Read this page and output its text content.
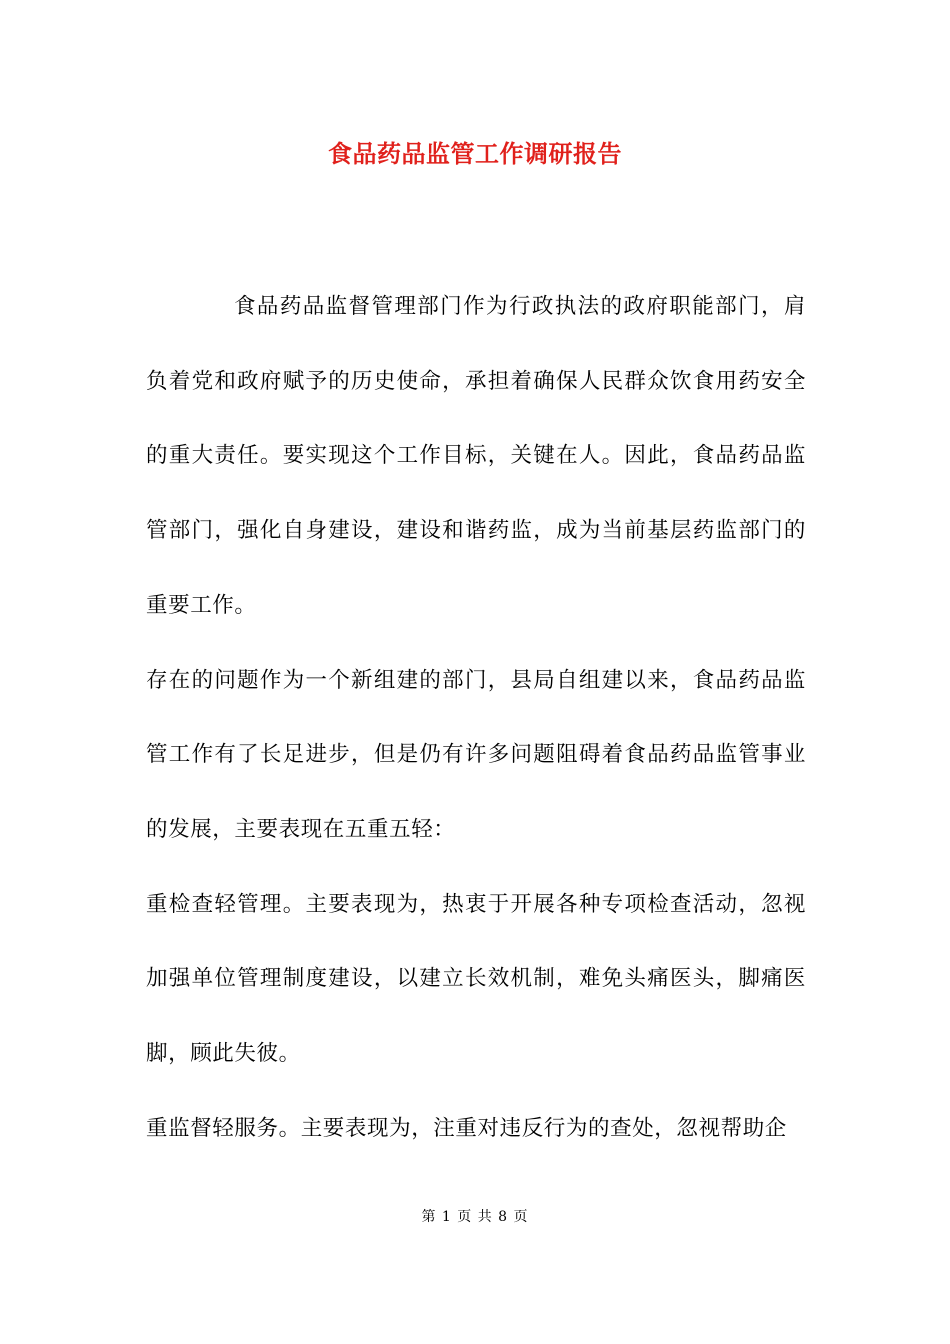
食品药品监管工作调研报告

食品药品监督管理部门作为行政执法的政府职能部门，肩负着党和政府赋予的历史使命，承担着确保人民群众饮食用药安全的重大责任。要实现这个工作目标，关键在人。因此，食品药品监管部门，强化自身建设，建设和谐药监，成为当前基层药监部门的重要工作。

存在的问题作为一个新组建的部门，县局自组建以来，食品药品监管工作有了长足进步，但是仍有许多问题阻碍着食品药品监管事业的发展，主要表现在五重五轻：

重检查轻管理。主要表现为，热衷于开展各种专项检查活动，忽视加强单位管理制度建设，以建立长效机制，难免头痛医头，脚痛医脚，顾此失彼。

重监督轻服务。主要表现为，注重对违反行为的查处，忽视帮助企

第 1 页 共 8 页
